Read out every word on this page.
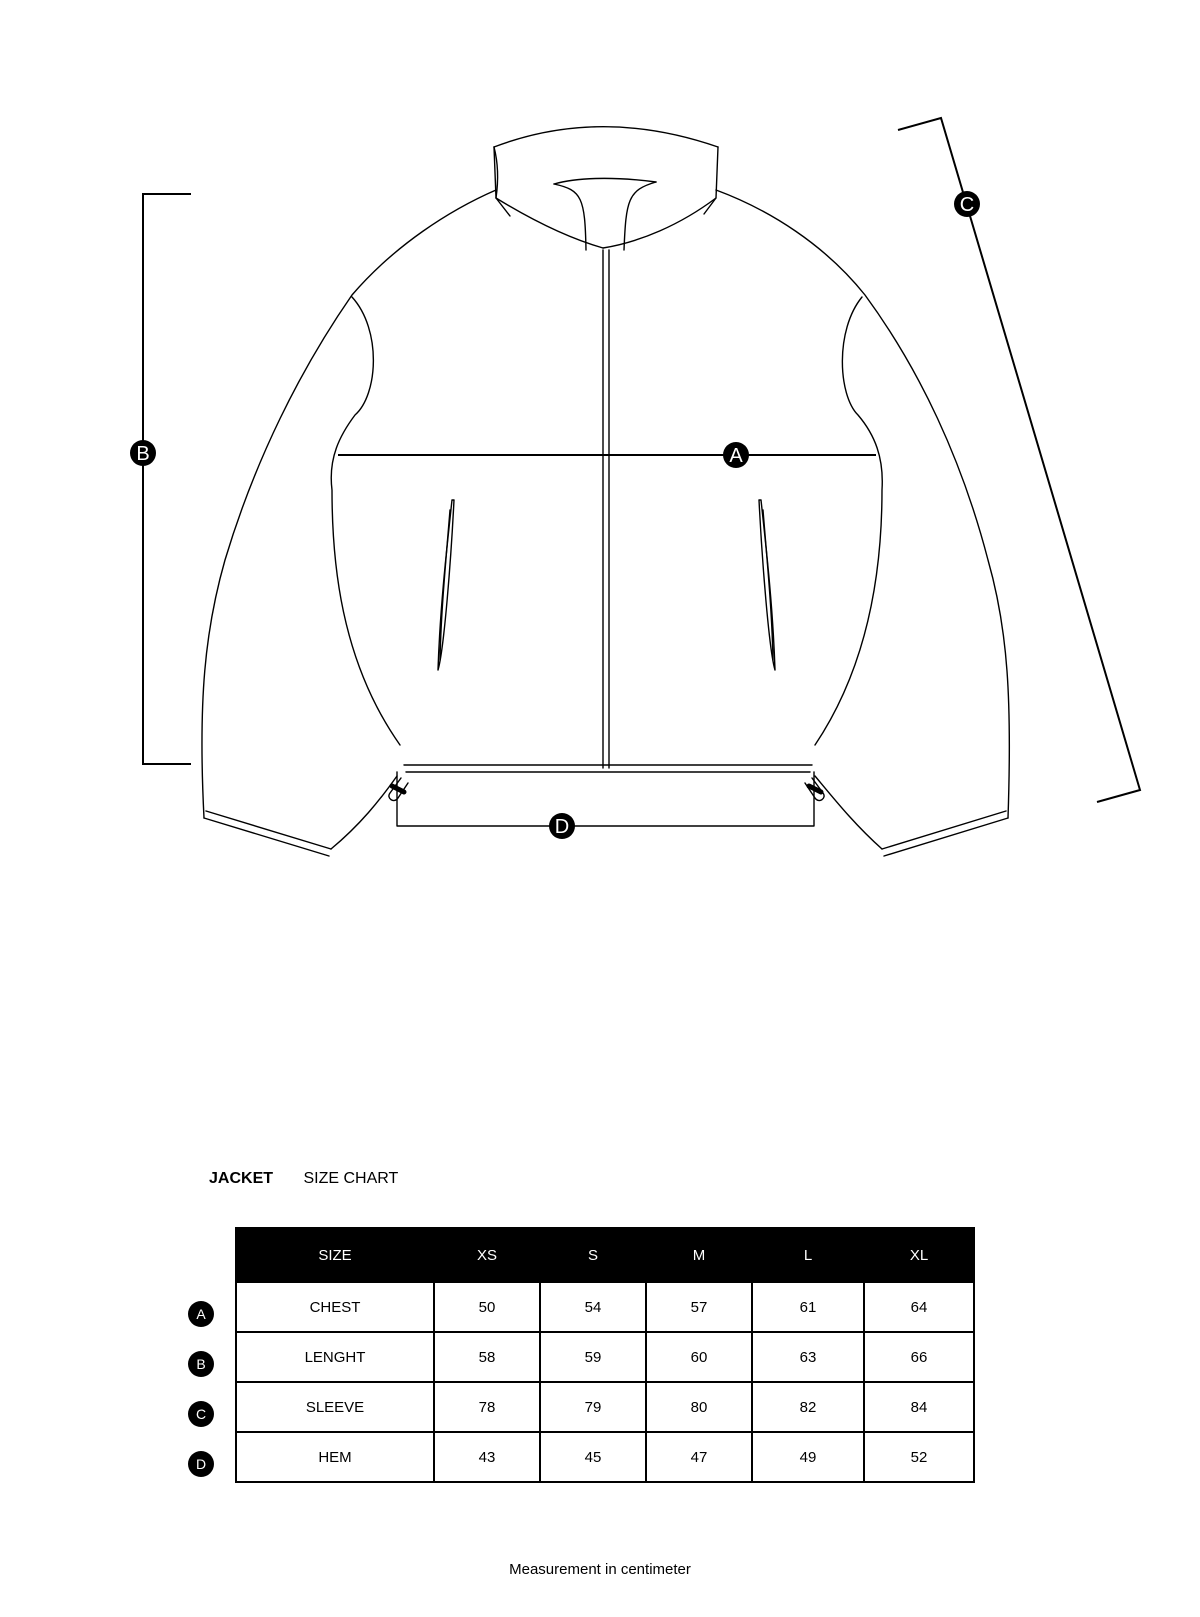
A
B
C
D
JACKET SIZE CHART
A
B
C
D
SIZE	XS	S	M	L	XL
CHEST	50	54	57	61	64
LENGHT	58	59	60	63	66
SLEEVE	78	79	80	82	84
HEM	43	45	47	49	52
Measurement in centimeter
